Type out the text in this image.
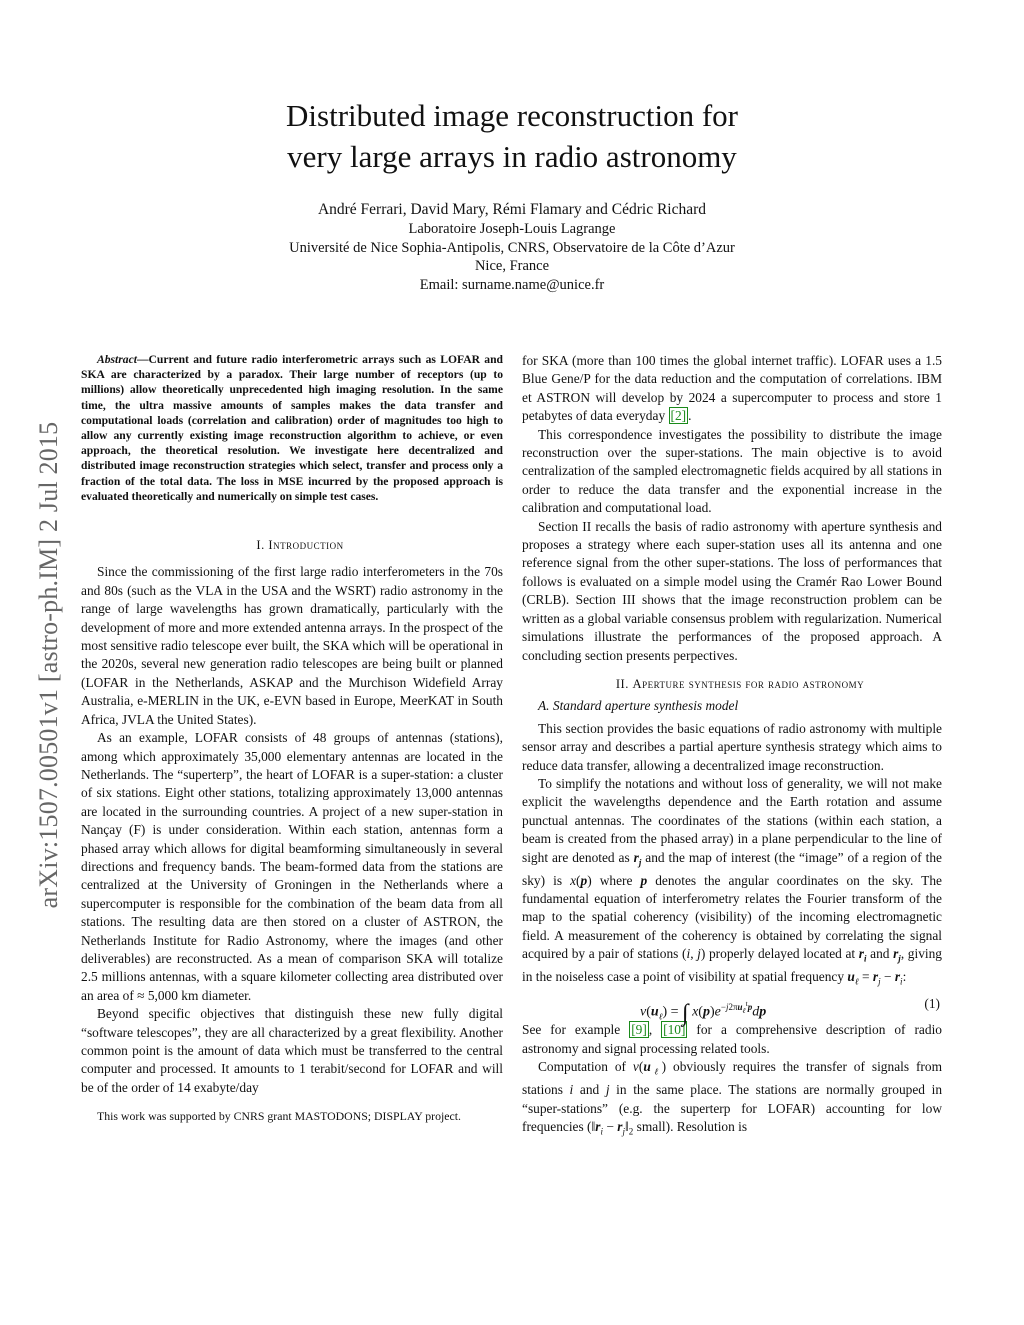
arXiv:1507.00501v1 [astro-ph.IM] 2 Jul 2015
Distributed image reconstruction for
very large arrays in radio astronomy
André Ferrari, David Mary, Rémi Flamary and Cédric Richard
Laboratoire Joseph-Louis Lagrange
Université de Nice Sophia-Antipolis, CNRS, Observatoire de la Côte d’Azur
Nice, France
Email: surname.name@unice.fr

Abstract—Current and future radio interferometric arrays such as LOFAR and SKA are characterized by a paradox. Their large number of receptors (up to millions) allow theoretically unprecedented high imaging resolution. In the same time, the ultra massive amounts of samples makes the data transfer and computational loads (correlation and calibration) order of magnitudes too high to allow any currently existing image reconstruction algorithm to achieve, or even approach, the theoretical resolution. We investigate here decentralized and distributed image reconstruction strategies which select, transfer and process only a fraction of the total data. The loss in MSE incurred by the proposed approach is evaluated theoretically and numerically on simple test cases.

I. Introduction

Since the commissioning of the first large radio interferometers in the 70s and 80s (such as the VLA in the USA and the WSRT) radio astronomy in the range of large wavelengths has grown dramatically, particularly with the development of more and more extended antenna arrays. In the prospect of the most sensitive radio telescope ever built, the SKA which will be operational in the 2020s, several new generation radio telescopes are being built or planned (LOFAR in the Netherlands, ASKAP and the Murchison Widefield Array Australia, e-MERLIN in the UK, e-EVN based in Europe, MeerKAT in South Africa, JVLA the United States).

As an example, LOFAR consists of 48 groups of antennas (stations), among which approximately 35,000 elementary antennas are located in the Netherlands. The “superterp”, the heart of LOFAR is a super-station: a cluster of six stations. Eight other stations, totalizing approximately 13,000 antennas are located in the surrounding countries. A project of a new super-station in Nançay (F) is under consideration. Within each station, antennas form a phased array which allows for digital beamforming simultaneously in several directions and frequency bands. The beam-formed data from the stations are centralized at the University of Groningen in the Netherlands where a supercomputer is responsible for the combination of the beam data from all stations. The resulting data are then stored on a cluster of ASTRON, the Netherlands Institute for Radio Astronomy, where the images (and other deliverables) are reconstructed. As a mean of comparison SKA will totalize 2.5 millions antennas, with a square kilometer collecting area distributed over an area of ≈ 5,000 km diameter.

Beyond specific objectives that distinguish these new fully digital “software telescopes”, they are all characterized by a great flexibility. Another common point is the amount of data which must be transferred to the central computer and processed. It amounts to 1 terabit/second for LOFAR and will be of the order of 14 exabyte/day

This work was supported by CNRS grant MASTODONS; DISPLAY project.

for SKA (more than 100 times the global internet traffic). LOFAR uses a 1.5 Blue Gene/P for the data reduction and the computation of correlations. IBM et ASTRON will develop by 2024 a supercomputer to process and store 1 petabytes of data everyday [2] .

This correspondence investigates the possibility to distribute the image reconstruction over the super-stations. The main objective is to avoid centralization of the sampled electromagnetic fields acquired by all stations in order to reduce the data transfer and the exponential increase in the calibration and computational load.

Section II recalls the basis of radio astronomy with aperture synthesis and proposes a strategy where each super-station uses all its antenna and one reference signal from the other super-stations. The loss of performances that follows is evaluated on a simple model using the Cramér Rao Lower Bound (CRLB). Section III shows that the image reconstruction problem can be written as a global variable consensus problem with regularization. Numerical simulations illustrate the performances of the proposed approach. A concluding section presents perpectives.

II. Aperture synthesis for radio astronomy

A. Standard aperture synthesis model

This section provides the basic equations of radio astronomy with multiple sensor array and describes a partial aperture synthesis strategy which aims to reduce data transfer, allowing a decentralized image reconstruction.

To simplify the notations and without loss of generality, we will not make explicit the wavelengths dependence and the Earth rotation and assume punctual antennas. The coordinates of the stations (within each station, a beam is created from the phased array) in a plane perpendicular to the line of sight are denoted as $r_j$ and the map of interest (the “image” of a region of the sky) is x(p) where p denotes the angular coordinates on the sky. The fundamental equation of interferometry relates the Fourier transform of the map to the spatial coherency (visibility) of the incoming electromagnetic field. A measurement of the coherency is obtained by correlating the signal acquired by a pair of stations (i, j) properly delayed located at $r_i$ and $r_j$, giving in the noiseless case a point of visibility at spatial frequency $u_\ell = r_j - r_i$:

$v(u_\ell)$ = ∫ $x(p)e^{-j2\pi u_\ell^tp}dp$
(1)

See for example [9] , [10] for a comprehensive description of radio astronomy and signal processing related tools.

Computation of $v(u_\ell)$ obviously requires the transfer of signals from stations i and j in the same place. The stations are normally grouped in “super-stations” (e.g. the superterp for LOFAR) accounting for low frequencies ($‖r_i$ − $r_j‖_2$ small). Resolution is
